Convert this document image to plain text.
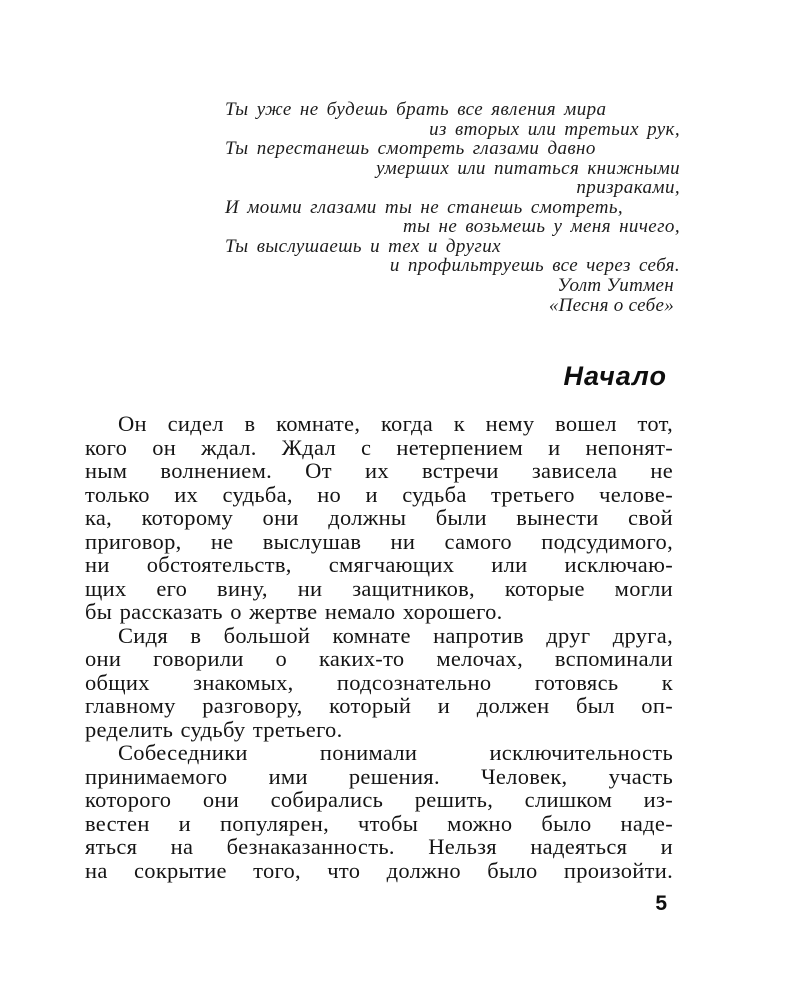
Ты уже не будешь брать все явления мира
из вторых или третьих рук,
Ты перестанешь смотреть глазами давно
умерших или питаться книжными
призраками,
И моими глазами ты не станешь смотреть,
ты не возьмешь у меня ничего,
Ты выслушаешь и тех и других
и профильтруешь все через себя.
Уолт Уитмен
«Песня о себе»
Начало
Он сидел в комнате, когда к нему вошел тот,
кого он ждал. Ждал с нетерпением и непонят-
ным волнением. От их встречи зависела не
только их судьба, но и судьба третьего челове-
ка, которому они должны были вынести свой
приговор, не выслушав ни самого подсудимого,
ни обстоятельств, смягчающих или исключаю-
щих его вину, ни защитников, которые могли
бы рассказать о жертве немало хорошего.
Сидя в большой комнате напротив друг друга,
они говорили о каких-то мелочах, вспоминали
общих знакомых, подсознательно готовясь к
главному разговору, который и должен был оп-
ределить судьбу третьего.
Собеседники понимали исключительность
принимаемого ими решения. Человек, участь
которого они собирались решить, слишком из-
вестен и популярен, чтобы можно было наде-
яться на безнаказанность. Нельзя надеяться и
на сокрытие того, что должно было произойти.
5
